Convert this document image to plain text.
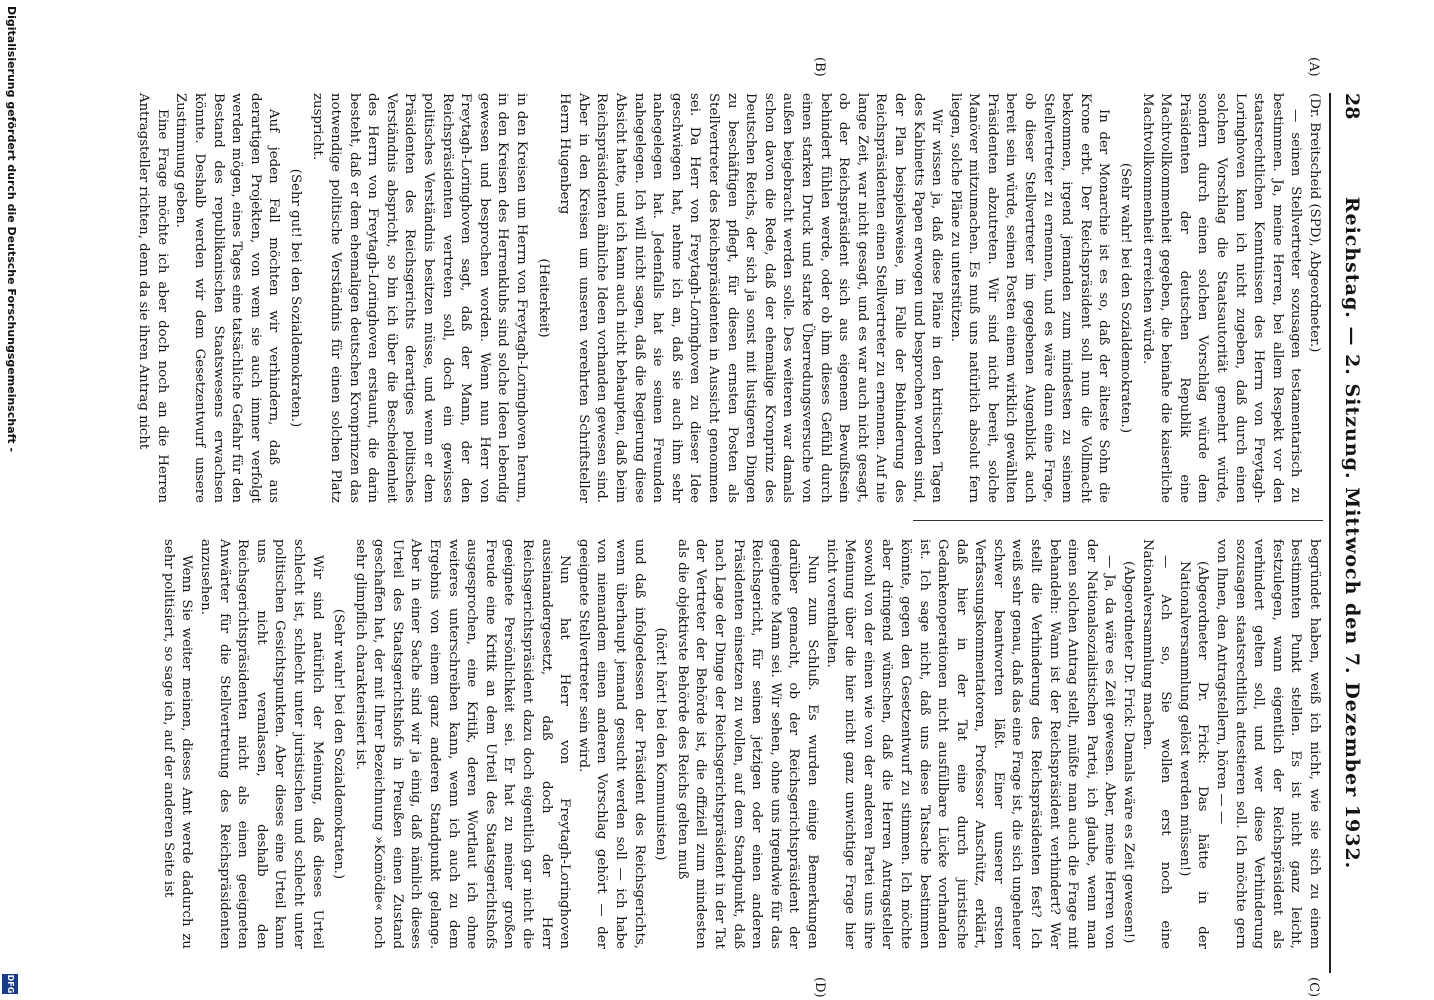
28
Reichstag. — 2. Sitzung. Mittwoch den 7. Dezember 1932.

(Dr. Breitscheid (SPD), Abgeordneter.)

— seinen Stellvertreter sozusagen testamentarisch zu bestimmen. Ja, meine Herren, bei allem Respekt vor den staatsrechtlichen Kenntnissen des Herrn von Freytagh-Loringhoven kann ich nicht zugeben, daß durch einen solchen Vorschlag die Staatsautorität gemehrt würde, sondern durch einen solchen Vorschlag würde dem Präsidenten der deutschen Republik eine Machtvollkommenheit gegeben, die beinahe die kaiserliche Machtvollkommenheit erreichen würde.

(Sehr wahr! bei den Sozialdemokraten.)

In der Monarchie ist es so, daß der älteste Sohn die Krone erbt. Der Reichspräsident soll nun die Vollmacht bekommen, irgend jemanden zum mindesten zu seinem Stellvertreter zu ernennen, und es wäre dann eine Frage, ob dieser Stellvertreter im gegebenen Augenblick auch bereit sein würde, seinen Posten einem wirklich gewählten Präsidenten abzutreten. Wir sind nicht bereit, solche Manöver mitzumachen. Es muß uns natürlich absolut fern liegen, solche Pläne zu unterstützen.

Wir wissen ja, daß diese Pläne in den kritischen Tagen des Kabinetts Papen erwogen und besprochen worden sind, der Plan beispielsweise, im Falle der Behinderung des Reichspräsidenten einen Stellvertreter zu ernennen. Auf nie lange Zeit, war nicht gesagt, und es war auch nicht gesagt, ob der Reichspräsident sich aus eigenem Bewußtsein behindert fühlen werde, oder ob ihm dieses Gefühl durch einen starken Druck und starke Überredungsversuche von außen beigebracht werden solle. Des weiteren war damals schon davon die Rede, daß der ehemalige Kronprinz des Deutschen Reichs, der sich ja sonst mit lustigeren Dingen zu beschäftigen pflegt, für diesen ernsten Posten als Stellvertreter des Reichspräsidenten in Aussicht genommen sei. Da Herr von Freytagh-Loringhoven zu dieser Idee geschwiegen hat, nehme ich an, daß sie auch ihm sehr nahegelegen hat. Jedenfalls hat sie seinen Freunden nahegelegen. Ich will nicht sagen, daß die Regierung diese Absicht hatte, und ich kann auch nicht behaupten, daß beim Reichspräsidenten ähnliche Ideen vorhanden gewesen sind. Aber in den Kreisen um unseren verehrten Schriftsteller Herrn Hugenberg

(Heiterkeit)

in den Kreisen um Herrn von Freytagh-Loringhoven herum, in den Kreisen des Herrenklubs sind solche Ideen lebendig gewesen und besprochen worden. Wenn nun Herr von Freytagh-Loringhoven sagt, daß der Mann, der den Reichspräsidenten vertreten soll, doch ein gewisses politisches Verständnis besitzen müsse, und wenn er dem Präsidenten des Reichsgerichts derartiges politisches Verständnis abspricht, so bin ich über die Bescheidenheit des Herrn von Freytagh-Loringhoven erstaunt, die darin besteht, daß er dem ehemaligen deutschen Kronprinzen das notwendige politische Verständnis für einen solchen Platz zuspricht.

(Sehr gut! bei den Sozialdemokraten.)

Auf jeden Fall möchten wir verhindern, daß aus derartigen Projekten, von wem sie auch immer verfolgt werden mögen, eines Tages eine tatsächliche Gefahr für den Bestand des republikanischen Staatswesens erwachsen könnte. Deshalb werden wir dem Gesetzentwurf unsere Zustimmung geben.

Eine Frage möchte ich aber doch noch an die Herren Antragsteller richten, denn da sie ihren Antrag nicht

begründet haben, weiß ich nicht, wie sie sich zu einem bestimmten Punkt stellen. Es ist nicht ganz leicht, festzulegen, wann eigentlich der Reichspräsident als verhindert gelten soll, und wer diese Verhinderung sozusagen staatsrechtlich attestieren soll. Ich möchte gern von Ihnen, den Antragstellern, hören — —

(Abgeordneter Dr. Frick: Das hätte in der Nationalversammlung gelöst werden müssen!)

— Ach so, Sie wollen erst noch eine Nationalversammlung machen.

(Abgeordneter Dr. Frick: Damals wäre es Zeit gewesen!)

— Ja, da wäre es Zeit gewesen. Aber, meine Herren von der Nationalsozialistischen Partei, ich glaube, wenn man einen solchen Antrag stellt, müßte man auch die Frage mit behandeln: Wann ist der Reichspräsident verhindert? Wer stellt die Verhinderung des Reichspräsidenten fest? Ich weiß sehr genau, daß das eine Frage ist, die sich ungeheuer schwer beantworten läßt. Einer unserer ersten Verfassungskommentatoren, Professor Anschütz, erklärt, daß hier in der Tat eine durch juristische Gedankenoperationen nicht ausfüllbare Lücke vorhanden ist. Ich sage nicht, daß uns diese Tatsache bestimmen könnte, gegen den Gesetzentwurf zu stimmen. Ich möchte aber dringend wünschen, daß die Herren Antragsteller sowohl von der einen wie von der anderen Partei uns ihre Meinung über die hier nicht ganz unwichtige Frage hier nicht vorenthalten.

Nun zum Schluß. Es wurden einige Bemerkungen darüber gemacht, ob der Reichsgerichtspräsident der geeignete Mann sei. Wir sehen, ohne uns irgendwie für das Reichsgericht, für seinen jetzigen oder einen anderen Präsidenten einsetzen zu wollen, auf dem Standpunkt, daß nach Lage der Dinge der Reichsgerichtspräsident in der Tat der Vertreter der Behörde ist, die offiziell zum mindesten als die objektivste Behörde des Reichs gelten muß

(hört! hört! bei den Kommunisten)

und daß infolgedessen der Präsident des Reichsgerichts, wenn überhaupt jemand gesucht werden soll — ich habe von niemandem einen anderen Vorschlag gehört — der geeignete Stellvertreter sein wird.

Nun hat Herr von Freytagh-Loringhoven auseinandergesetzt, daß doch der Herr Reichsgerichtspräsident dazu doch eigentlich gar nicht die geeignete Persönlichkeit sei. Er hat zu meiner großen Freude eine Kritik an dem Urteil des Staatsgerichtshofs ausgesprochen, eine Kritik, deren Wortlaut ich ohne weiteres unterschreiben kann, wenn ich auch zu dem Ergebnis von einem ganz anderen Standpunkt gelange. Aber in einer Sache sind wir ja einig, daß nämlich dieses Urteil des Staatsgerichtshofs in Preußen einen Zustand geschaffen hat, der mit Ihrer Bezeichnung »Komödie« noch sehr glimpflich charakterisiert ist.

(Sehr wahr! bei den Sozialdemokraten.)

Wir sind natürlich der Meinung, daß dieses Urteil schlecht ist, schlecht unter juristischen und schlecht unter politischen Gesichtspunkten. Aber dieses eine Urteil kann uns nicht veranlassen, deshalb den Reichsgerichtspräsidenten nicht als einen geeigneten Anwärter für die Stellvertretung des Reichspräsidenten anzusehen.

Wenn Sie weiter meinen, dieses Amt werde dadurch zu sehr politisiert, so sage ich, auf der anderen Seite ist

(A)
(B)
(C)
(D)
Digitalisierung gefördert durch die Deutsche Forschungsgemeinschaft -
DFG
